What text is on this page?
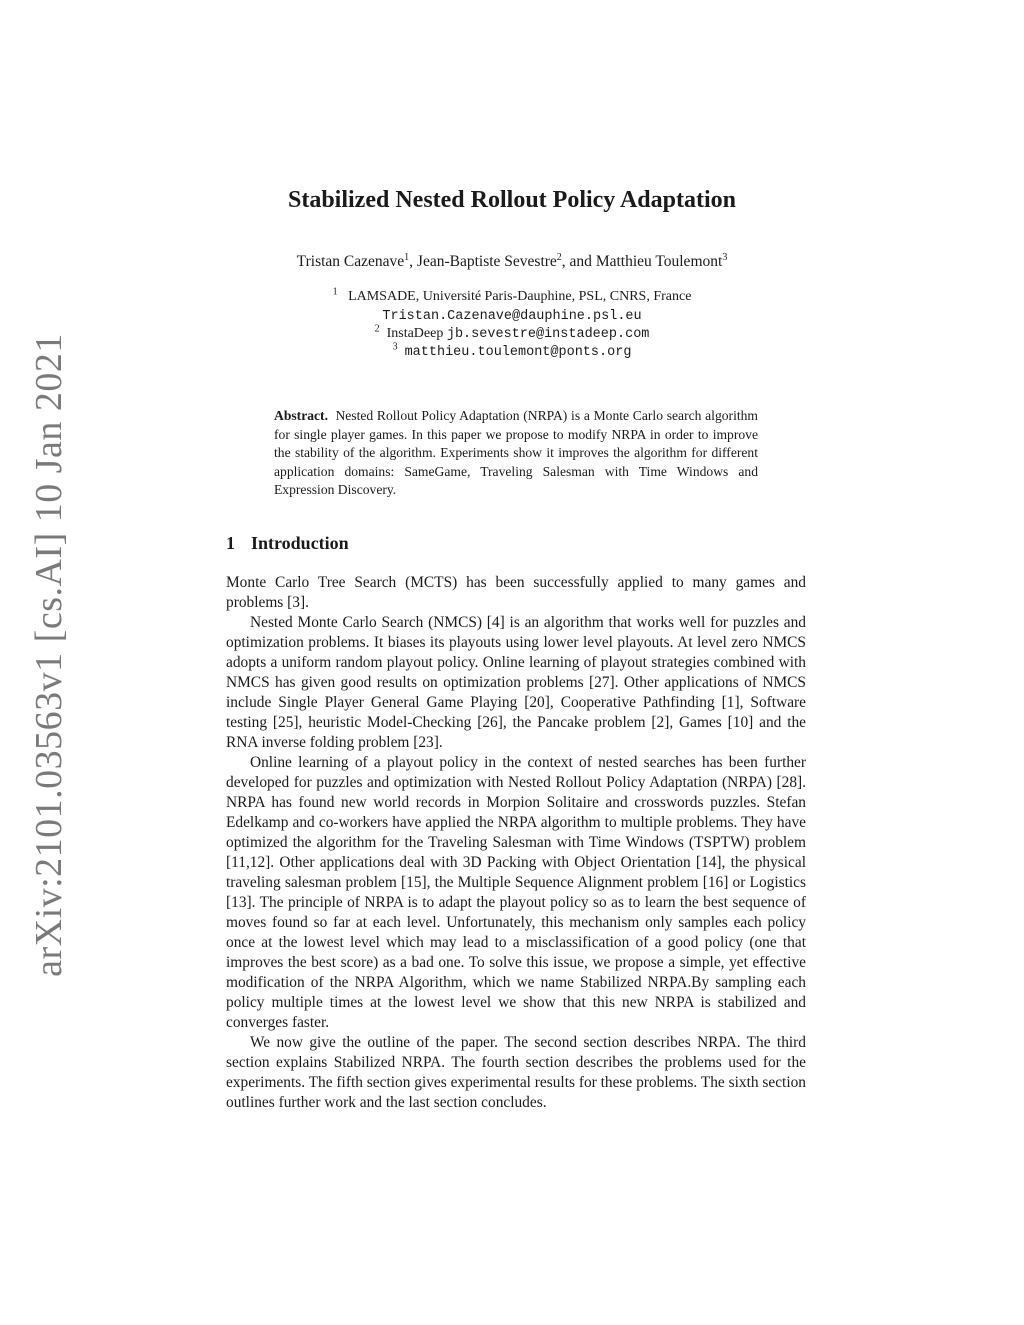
arXiv:2101.03563v1 [cs.AI] 10 Jan 2021
Stabilized Nested Rollout Policy Adaptation
Tristan Cazenave$^1$, Jean-Baptiste Sevestre$^2$, and Matthieu Toulemont$^3$
$^1$ LAMSADE, Université Paris-Dauphine, PSL, CNRS, France
Tristan.Cazenave@dauphine.psl.eu
$^2$ InstaDeep jb.sevestre@instadeep.com
$^3$ matthieu.toulemont@ponts.org
Abstract. Nested Rollout Policy Adaptation (NRPA) is a Monte Carlo search algorithm for single player games. In this paper we propose to modify NRPA in order to improve the stability of the algorithm. Experiments show it improves the algorithm for different application domains: SameGame, Traveling Salesman with Time Windows and Expression Discovery.
1 Introduction

Monte Carlo Tree Search (MCTS) has been successfully applied to many games and problems [3].

Nested Monte Carlo Search (NMCS) [4] is an algorithm that works well for puzzles and optimization problems. It biases its playouts using lower level playouts. At level zero NMCS adopts a uniform random playout policy. Online learning of playout strategies combined with NMCS has given good results on optimization problems [27]. Other applications of NMCS include Single Player General Game Playing [20], Cooperative Pathfinding [1], Software testing [25], heuristic Model-Checking [26], the Pancake problem [2], Games [10] and the RNA inverse folding problem [23].

Online learning of a playout policy in the context of nested searches has been further developed for puzzles and optimization with Nested Rollout Policy Adaptation (NRPA) [28]. NRPA has found new world records in Morpion Solitaire and crosswords puzzles. Stefan Edelkamp and co-workers have applied the NRPA algorithm to multiple problems. They have optimized the algorithm for the Traveling Salesman with Time Windows (TSPTW) problem [11,12]. Other applications deal with 3D Packing with Object Orientation [14], the physical traveling salesman problem [15], the Multiple Sequence Alignment problem [16] or Logistics [13]. The principle of NRPA is to adapt the playout policy so as to learn the best sequence of moves found so far at each level. Unfortunately, this mechanism only samples each policy once at the lowest level which may lead to a misclassification of a good policy (one that improves the best score) as a bad one. To solve this issue, we propose a simple, yet effective modification of the NRPA Algorithm, which we name Stabilized NRPA.By sampling each policy multiple times at the lowest level we show that this new NRPA is stabilized and converges faster.

We now give the outline of the paper. The second section describes NRPA. The third section explains Stabilized NRPA. The fourth section describes the problems used for the experiments. The fifth section gives experimental results for these problems. The sixth section outlines further work and the last section concludes.
